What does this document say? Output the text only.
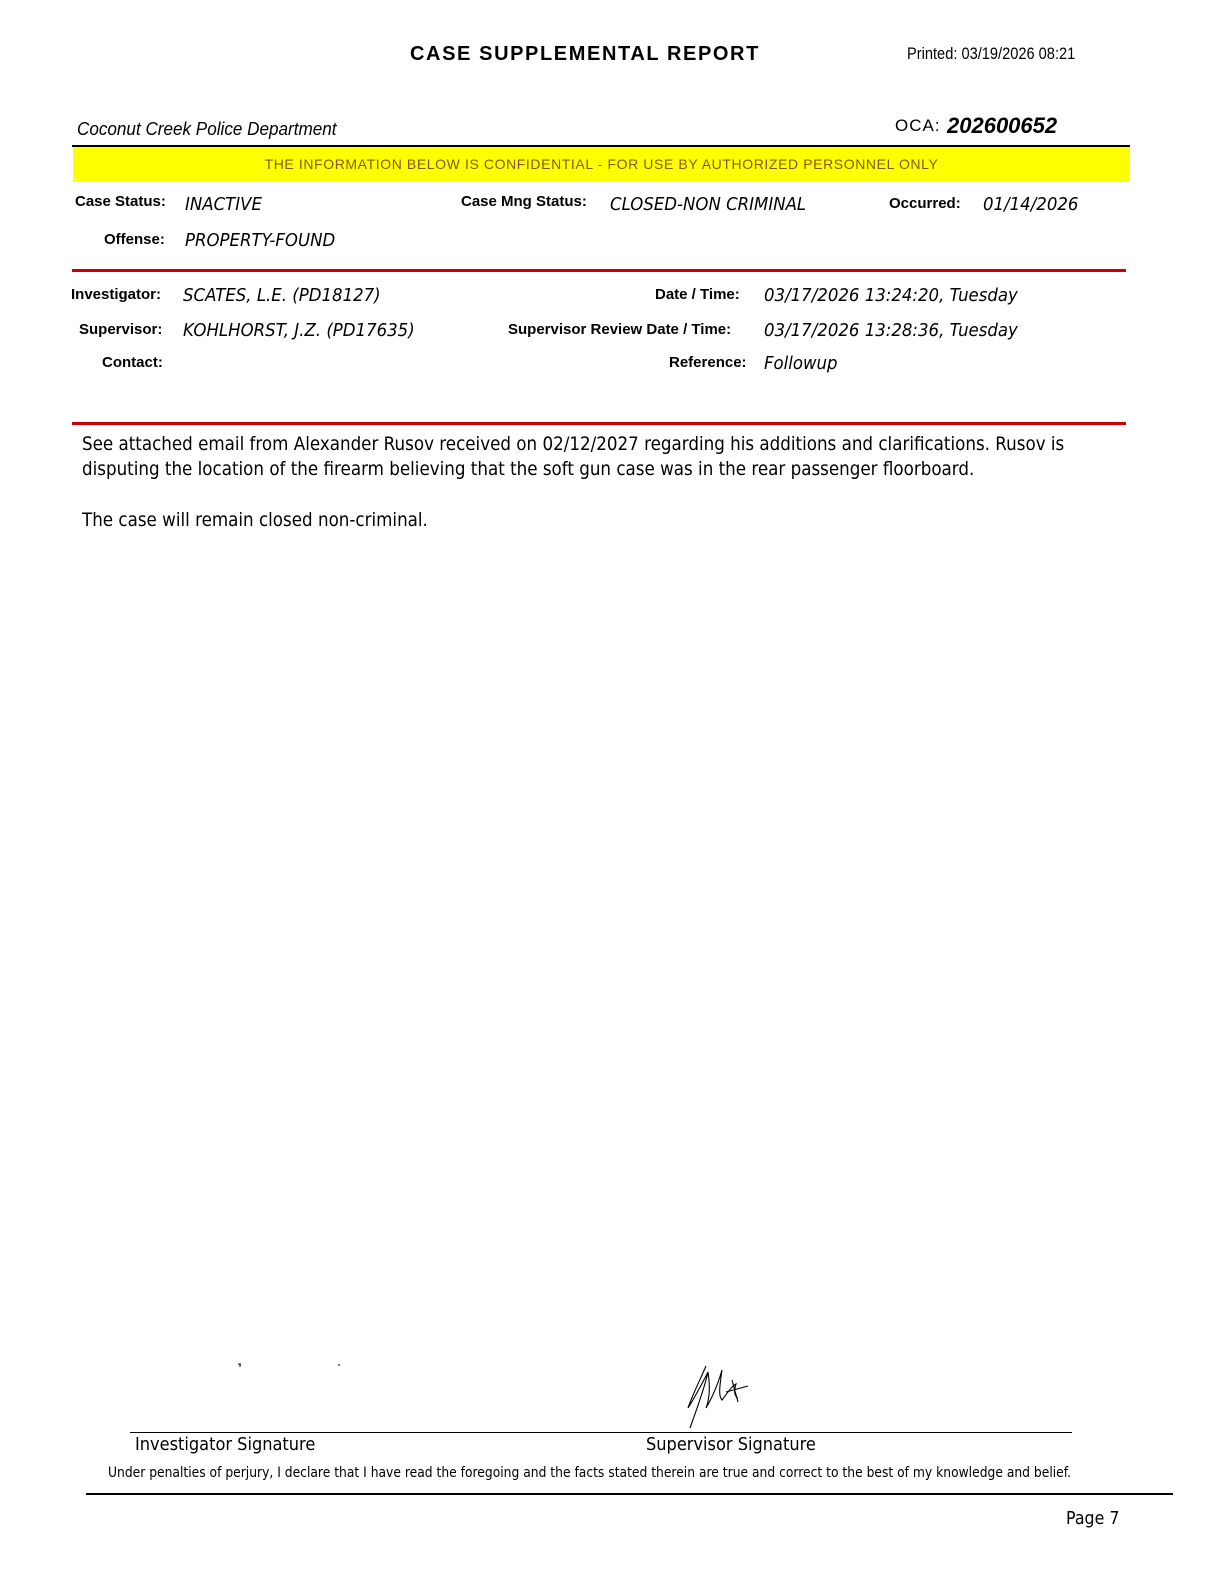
CASE SUPPLEMENTAL REPORT	Printed: 03/19/2026 08:21
Coconut Creek Police Department	OCA: 202600652
THE INFORMATION BELOW IS CONFIDENTIAL - FOR USE BY AUTHORIZED PERSONNEL ONLY
Case Status: INACTIVE	Case Mng Status: CLOSED-NON CRIMINAL	Occurred: 01/14/2026
Offense: PROPERTY-FOUND
Investigator: SCATES, L.E. (PD18127)	Date / Time: 03/17/2026 13:24:20, Tuesday
Supervisor: KOHLHORST, J.Z. (PD17635)	Supervisor Review Date / Time: 03/17/2026 13:28:36, Tuesday
Contact:	Reference: Followup
See attached email from Alexander Rusov received on 02/12/2027 regarding his additions and clarifications. Rusov is
disputing the location of the firearm believing that the soft gun case was in the rear passenger floorboard.
The case will remain closed non-criminal.
Investigator Signature	Supervisor Signature
Under penalties of perjury, I declare that I have read the foregoing and the facts stated therein are true and correct to the best of my knowledge and belief.
Page 7
